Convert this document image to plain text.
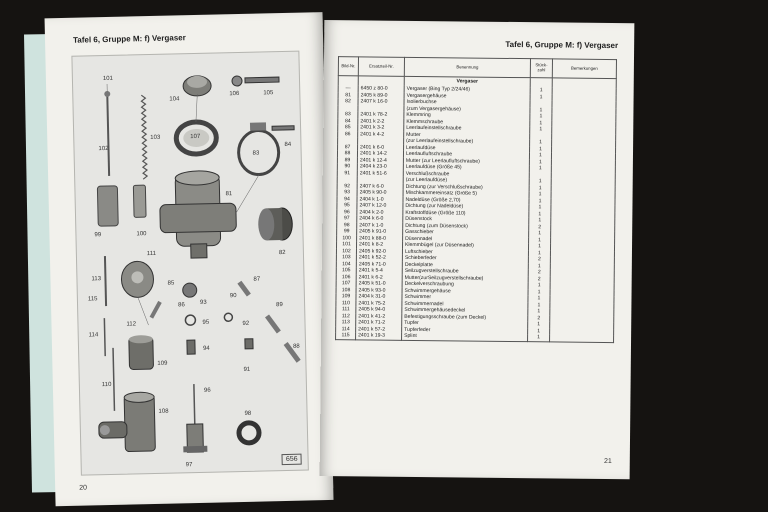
Tafel 6, Gruppe M: f) Vergaser
101
102
103
104
105
106
107
82
83
84
85
86
87
88
89
90
91
92
93
94
95
96
97
98
99	100
108
109
110
111
112
113
114
115
81
656
20
Tafel 6, Gruppe M: f) Vergaser
Bild-Nr.	Ersatzteil-Nr.	Benennung	Stück-zahl	Bemerkungen
		Vergaser		
—	6450 z 80-0	Vergaser (Bing Typ 2/24/46)	1	
81	2405 k 89-0	Vergasergehäuse	1	
82	2407 k 16-0	Isolierbuchse		
		(zum Vergasergehäuse)	1	
83	2401 k 78-2	Klemmring	1	
84	2401 k 2-2	Klemmschraube	1	
85	2401 k 3-2	Leerlaufeinstellschraube	1	
86	2401 k 4-2	Mutter		
		(zur Leerlaufeinstellschraube)	1	
87	2401 k 6-0	Leerlaufdüse	1	
88	2401 k 14-2	Leerlaufluftschraube	1	
89	2401 k 12-4	Mutter (zur Leerlaufluftschraube)	1	
90	2404 k 23-0	Leerlaufdüse (Größe 45)	1	
91	2401 k 51-6	Verschlußschraube		
		(zur Leerlaufdüse)	1	
92	2407 k 6-0	Dichtung (zur Verschlußschraube)	1	
93	2405 k 90-0	Mischkammereinsatz (Größe 5)	1	
94	2404 k 1-0	Nadeldüse (Größe 2,70)	1	
95	2407 k 12-0	Dichtung (zur Nadeldüse)	1	
96	2404 k 2-0	Kraftstoffdüse (Größe 110)	1	
97	2404 k 6-0	Düsenstock	1	
98	2407 k 1-0	Dichtung (zum Düsenstock)	2	
99	2405 k 91-0	Gasschieber	1	
100	2401 k 88-0	Düsennadel	1	
101	2401 k 8-2	Klemmbügel (zur Düsennadel)	1	
102	2405 k 92-0	Luftschieber	1	
103	2401 k 52-2	Schieberfeder	2	
104	2405 k 71-0	Deckelplatte	1	
105	2401 k 5-4	Seilzugverstellschraube	2	
106	2401 k 6-2	Mutter(zurSeilzugverstellschraube)	2	
107	2405 k 51-0	Deckelverschraubung	1	
108	2405 k 93-0	Schwimmergehäuse	1	
109	2404 k 31-0	Schwimmer	1	
110	2401 k 75-2	Schwimmernadel	1	
111	2405 k 94-0	Schwimmergehäusedeckel	1	
112	2401 k 41-2	Befestigungsschraube (zum Deckel)	2	
113	2401 k 71-2	Tupfer	1	
114	2401 k 57-2	Tupferfeder	1	
115	2401 k 19-3	Splint	1	
21
